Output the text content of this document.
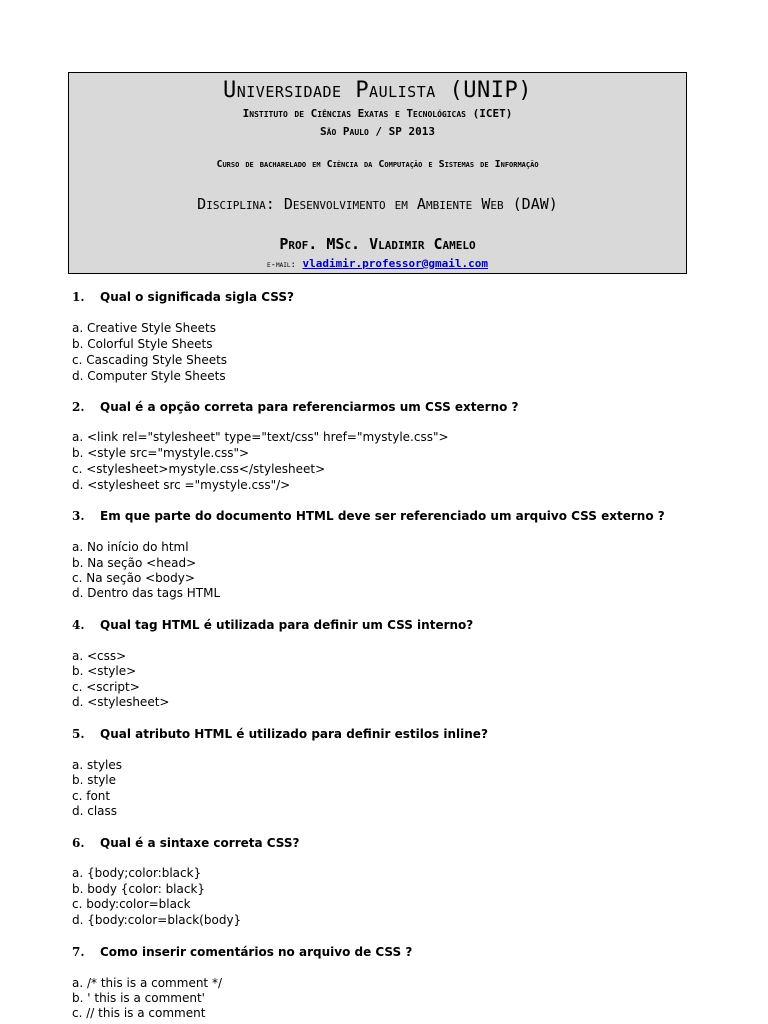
Universidade Paulista (UNIP)
Instituto de Ciências Exatas e Tecnológicas (ICET)
São Paulo / SP 2013
Curso de bacharelado em Ciência da Computação e Sistemas de Informação
Disciplina: Desenvolvimento em Ambiente Web (DAW)
Prof. MSc. Vladimir Camelo
e-mail: vladimir.professor@gmail.com
1. Qual o significada sigla CSS?
a. Creative Style Sheets
b. Colorful Style Sheets
c. Cascading Style Sheets
d. Computer Style Sheets
2. Qual é a opção correta para referenciarmos um CSS externo ?
a. <link rel="stylesheet" type="text/css" href="mystyle.css">
b. <style src="mystyle.css">
c. <stylesheet>mystyle.css</stylesheet>
d. <stylesheet src ="mystyle.css"/>
3. Em que parte do documento HTML deve ser referenciado um arquivo CSS externo ?
a. No início do html
b. Na seção <head>
c. Na seção <body>
d. Dentro das tags HTML
4. Qual tag HTML é utilizada para definir um CSS interno?
a. <css>
b. <style>
c. <script>
d. <stylesheet>
5. Qual atributo HTML é utilizado para definir estilos inline?
a. styles
b. style
c. font
d. class
6. Qual é a sintaxe correta CSS?
a. {body;color:black}
b. body {color: black}
c. body:color=black
d. {body:color=black(body}
7. Como inserir comentários no arquivo de CSS ?
a. /* this is a comment */
b. ' this is a comment'
c. // this is a comment
